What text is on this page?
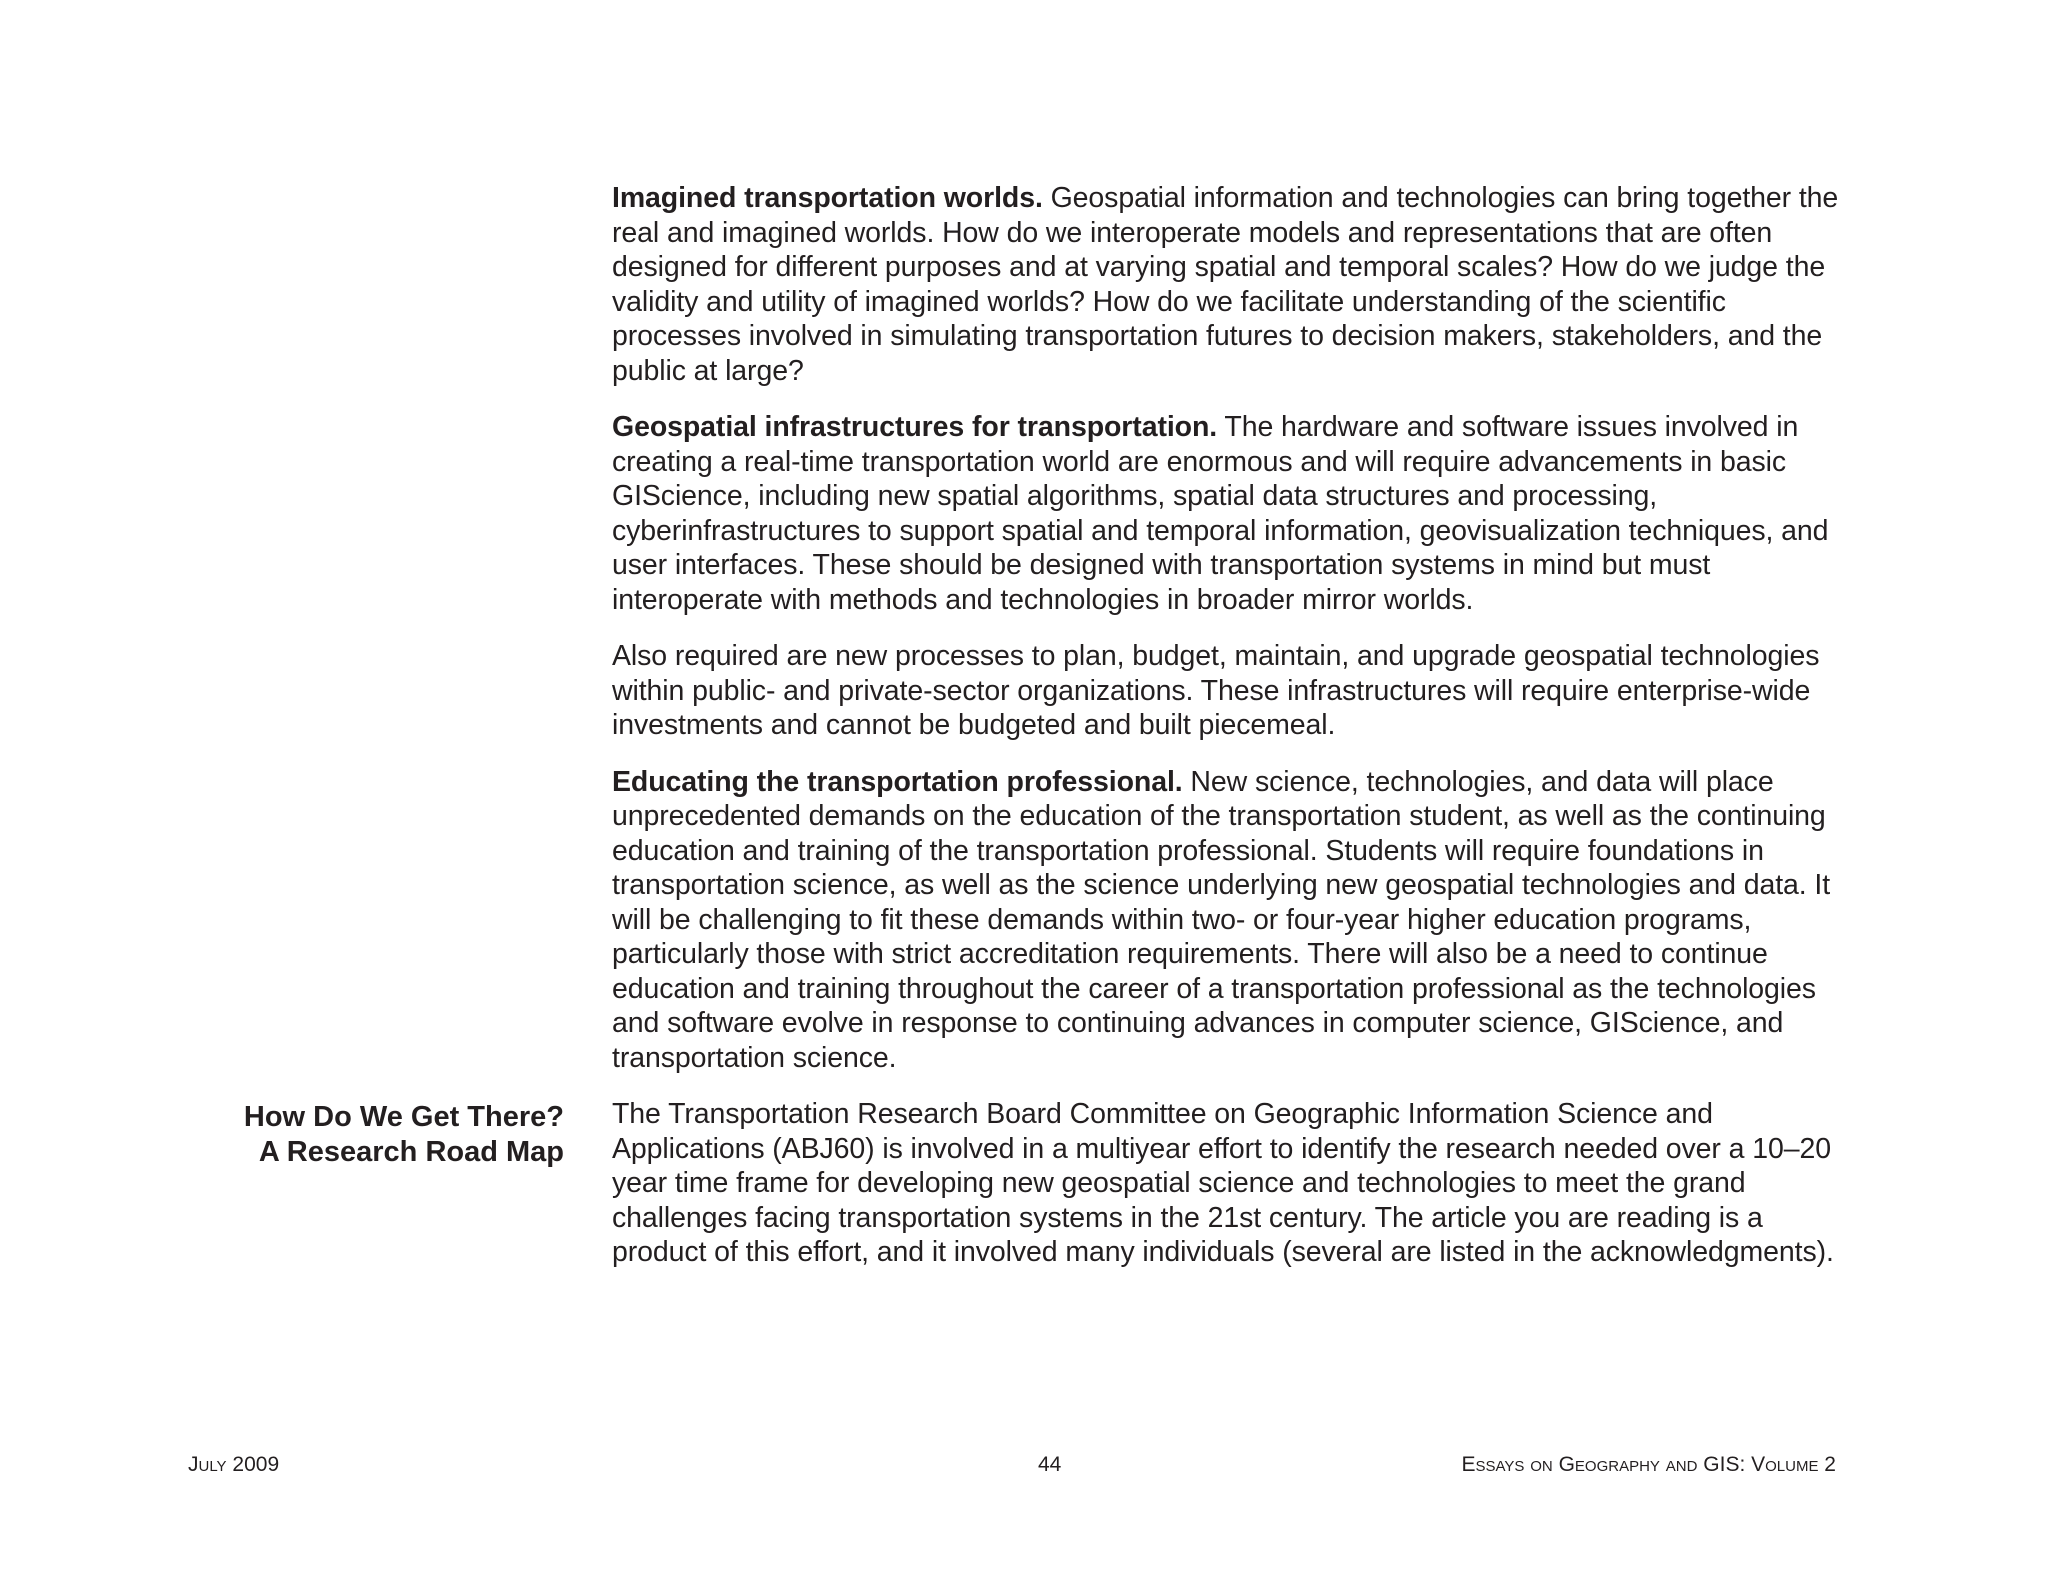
Imagined transportation worlds. Geospatial information and technologies can bring together the real and imagined worlds. How do we interoperate models and representations that are often designed for different purposes and at varying spatial and temporal scales? How do we judge the validity and utility of imagined worlds? How do we facilitate understanding of the scientific processes involved in simulating transportation futures to decision makers, stakeholders, and the public at large?

Geospatial infrastructures for transportation. The hardware and software issues involved in creating a real-time transportation world are enormous and will require advancements in basic GIScience, including new spatial algorithms, spatial data structures and processing, cyberinfrastructures to support spatial and temporal information, geovisualization techniques, and user interfaces. These should be designed with transportation systems in mind but must interoperate with methods and technologies in broader mirror worlds.

Also required are new processes to plan, budget, maintain, and upgrade geospatial technologies within public- and private-sector organizations. These infrastructures will require enterprise-wide investments and cannot be budgeted and built piecemeal.

Educating the transportation professional. New science, technologies, and data will place unprecedented demands on the education of the transportation student, as well as the continuing education and training of the transportation professional. Students will require foundations in transportation science, as well as the science underlying new geospatial technologies and data. It will be challenging to fit these demands within two- or four-year higher education programs, particularly those with strict accreditation requirements. There will also be a need to continue education and training throughout the career of a transportation professional as the technologies and software evolve in response to continuing advances in computer science, GIScience, and transportation science.

The Transportation Research Board Committee on Geographic Information Science and Applications (ABJ60) is involved in a multiyear effort to identify the research needed over a 10–20 year time frame for developing new geospatial science and technologies to meet the grand challenges facing transportation systems in the 21st century. The article you are reading is a product of this effort, and it involved many individuals (several are listed in the acknowledgments).

How Do We Get There?
A Research Road Map
July 2009	44	Essays on Geography and GIS: Volume 2
